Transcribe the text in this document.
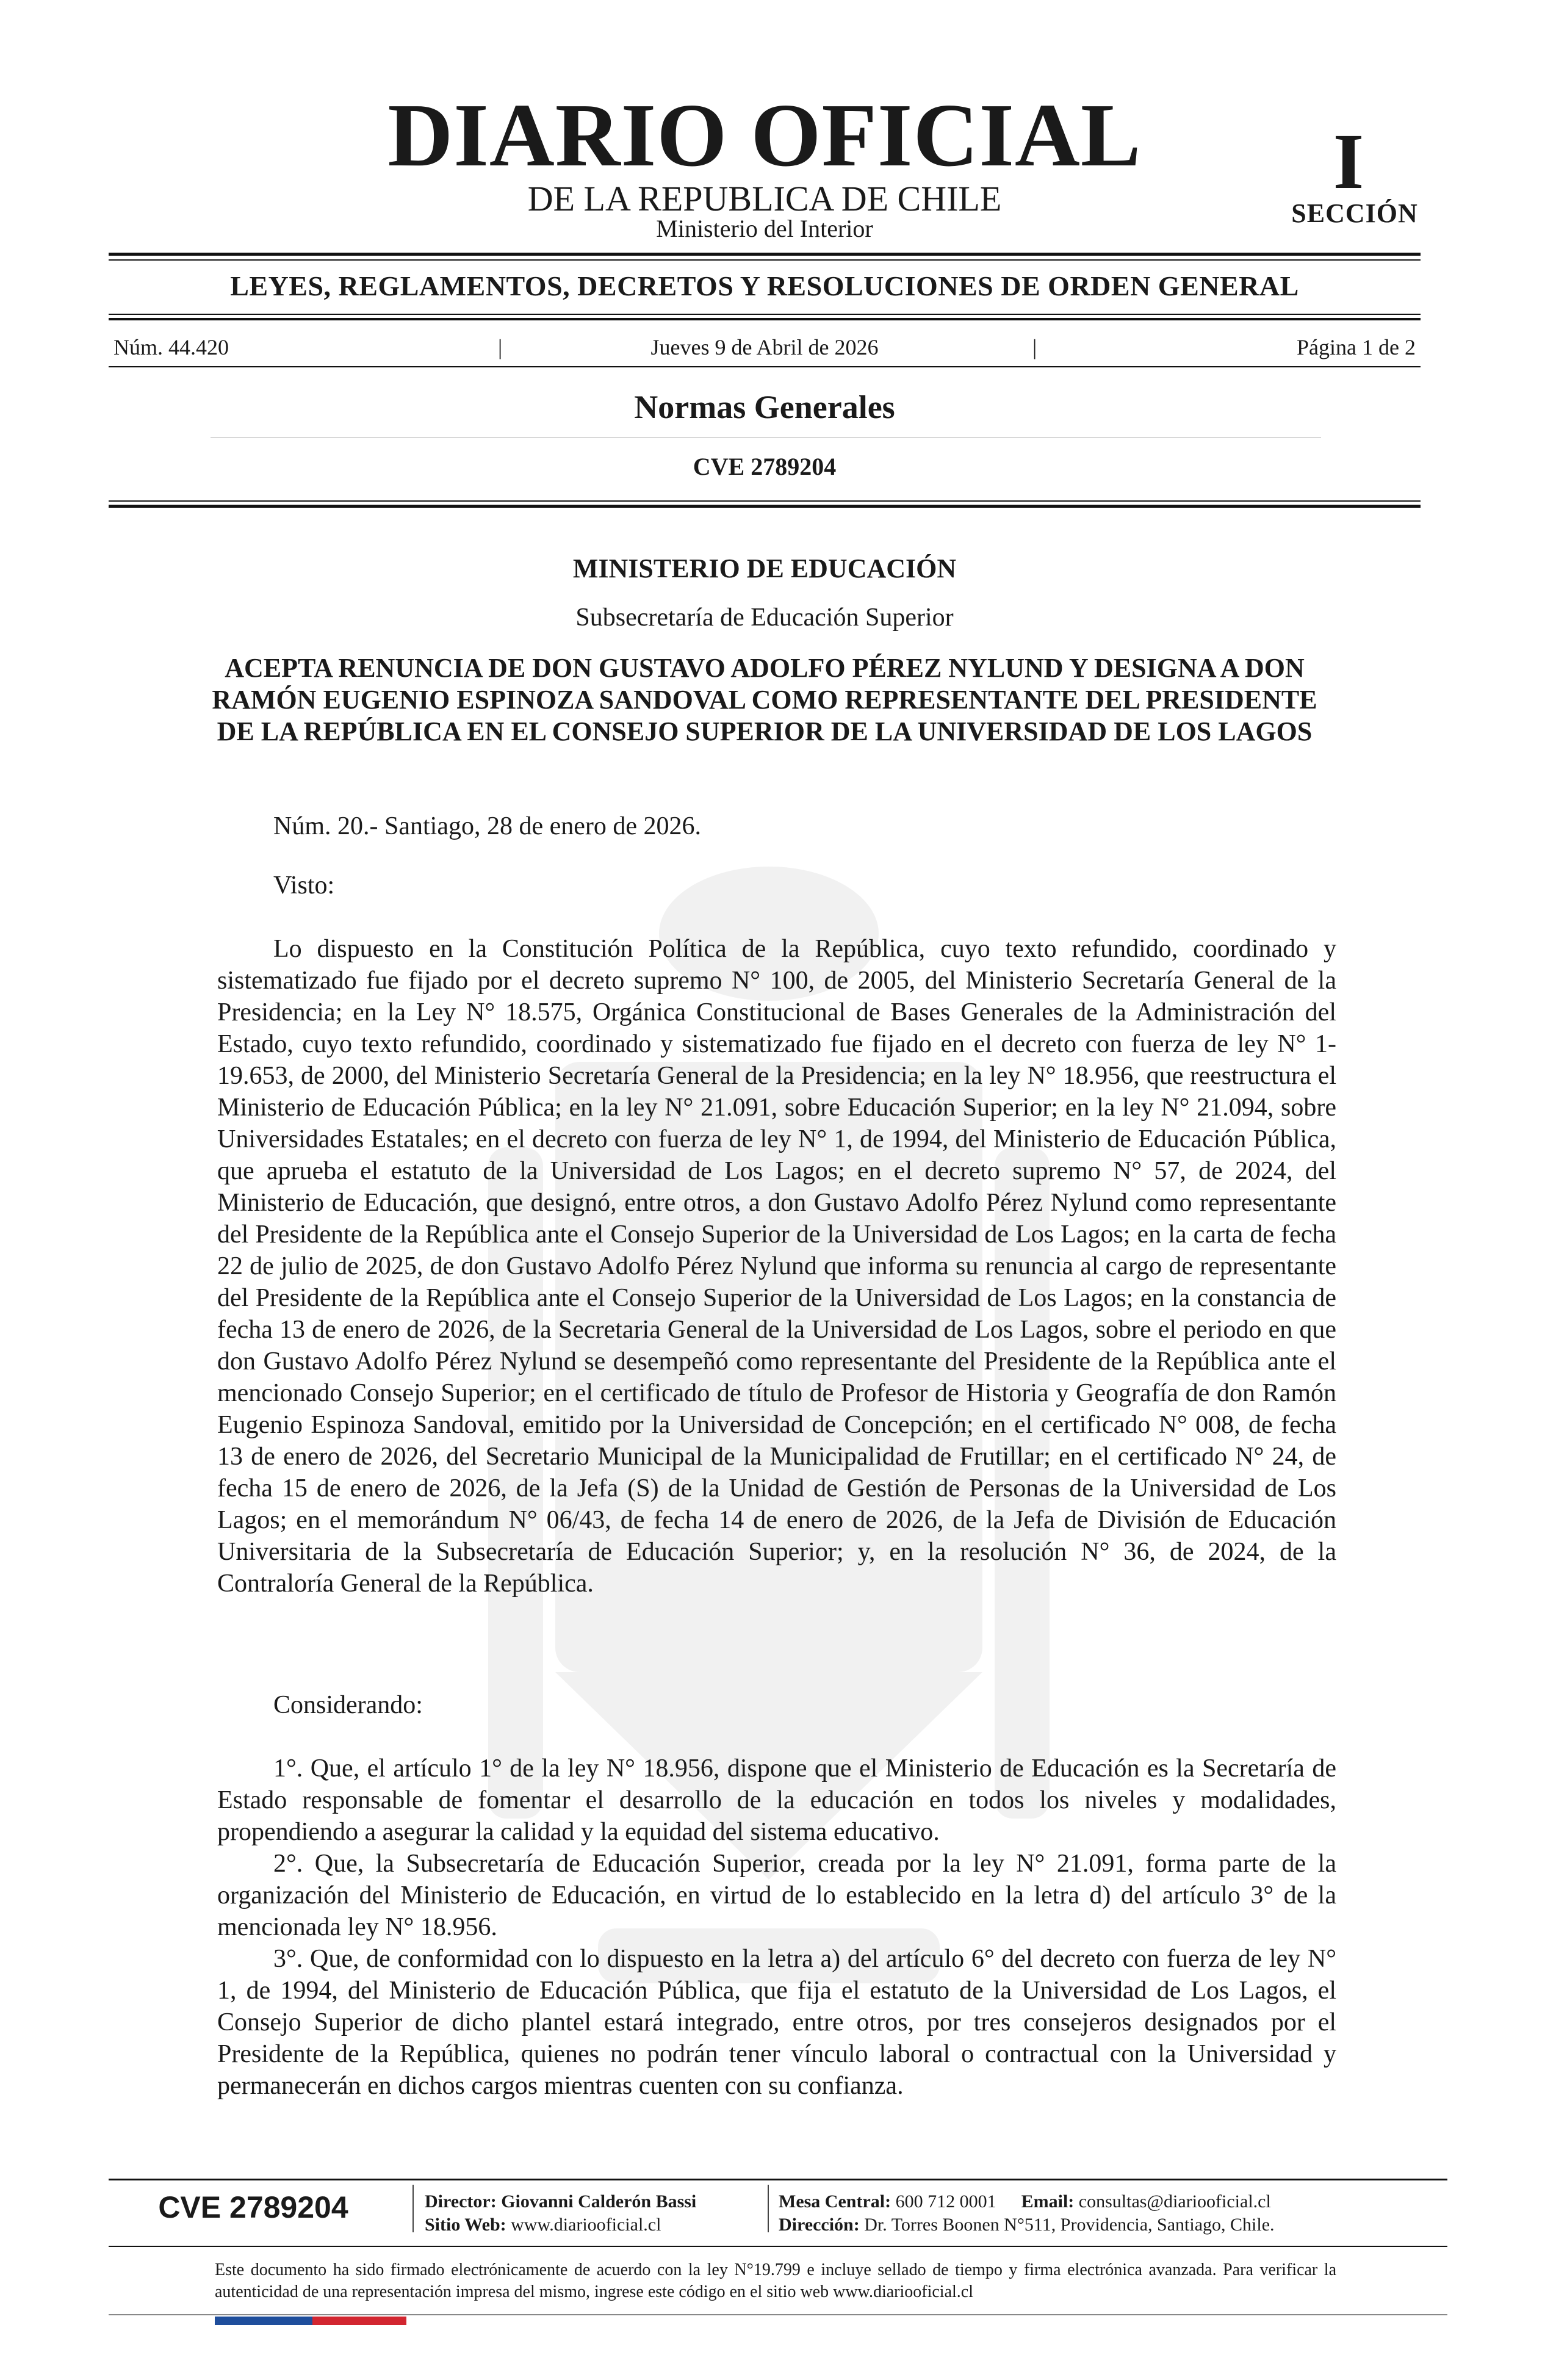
DIARIO OFICIAL
DE LA REPUBLICA DE CHILE
Ministerio del Interior
I
SECCIÓN
LEYES, REGLAMENTOS, DECRETOS Y RESOLUCIONES DE ORDEN GENERAL
Núm. 44.420	|	Jueves 9 de Abril de 2026	|	Página 1 de 2
Normas Generales
CVE 2789204
MINISTERIO DE EDUCACIÓN
Subsecretaría de Educación Superior

ACEPTA RENUNCIA DE DON GUSTAVO ADOLFO PÉREZ NYLUND Y DESIGNA A DON RAMÓN EUGENIO ESPINOZA SANDOVAL COMO REPRESENTANTE DEL PRESIDENTE DE LA REPÚBLICA EN EL CONSEJO SUPERIOR DE LA UNIVERSIDAD DE LOS LAGOS

Núm. 20.- Santiago, 28 de enero de 2026.

Visto:

Lo dispuesto en la Constitución Política de la República, cuyo texto refundido, coordinado y sistematizado fue fijado por el decreto supremo N° 100, de 2005, del Ministerio Secretaría General de la Presidencia; en la Ley N° 18.575, Orgánica Constitucional de Bases Generales de la Administración del Estado, cuyo texto refundido, coordinado y sistematizado fue fijado en el decreto con fuerza de ley N° 1-19.653, de 2000, del Ministerio Secretaría General de la Presidencia; en la ley N° 18.956, que reestructura el Ministerio de Educación Pública; en la ley N° 21.091, sobre Educación Superior; en la ley N° 21.094, sobre Universidades Estatales; en el decreto con fuerza de ley N° 1, de 1994, del Ministerio de Educación Pública, que aprueba el estatuto de la Universidad de Los Lagos; en el decreto supremo N° 57, de 2024, del Ministerio de Educación, que designó, entre otros, a don Gustavo Adolfo Pérez Nylund como representante del Presidente de la República ante el Consejo Superior de la Universidad de Los Lagos; en la carta de fecha 22 de julio de 2025, de don Gustavo Adolfo Pérez Nylund que informa su renuncia al cargo de representante del Presidente de la República ante el Consejo Superior de la Universidad de Los Lagos; en la constancia de fecha 13 de enero de 2026, de la Secretaria General de la Universidad de Los Lagos, sobre el periodo en que don Gustavo Adolfo Pérez Nylund se desempeñó como representante del Presidente de la República ante el mencionado Consejo Superior; en el certificado de título de Profesor de Historia y Geografía de don Ramón Eugenio Espinoza Sandoval, emitido por la Universidad de Concepción; en el certificado N° 008, de fecha 13 de enero de 2026, del Secretario Municipal de la Municipalidad de Frutillar; en el certificado N° 24, de fecha 15 de enero de 2026, de la Jefa (S) de la Unidad de Gestión de Personas de la Universidad de Los Lagos; en el memorándum N° 06/43, de fecha 14 de enero de 2026, de la Jefa de División de Educación Universitaria de la Subsecretaría de Educación Superior; y, en la resolución N° 36, de 2024, de la Contraloría General de la República.

Considerando:

1°. Que, el artículo 1° de la ley N° 18.956, dispone que el Ministerio de Educación es la Secretaría de Estado responsable de fomentar el desarrollo de la educación en todos los niveles y modalidades, propendiendo a asegurar la calidad y la equidad del sistema educativo.

2°. Que, la Subsecretaría de Educación Superior, creada por la ley N° 21.091, forma parte de la organización del Ministerio de Educación, en virtud de lo establecido en la letra d) del artículo 3° de la mencionada ley N° 18.956.

3°. Que, de conformidad con lo dispuesto en la letra a) del artículo 6° del decreto con fuerza de ley N° 1, de 1994, del Ministerio de Educación Pública, que fija el estatuto de la Universidad de Los Lagos, el Consejo Superior de dicho plantel estará integrado, entre otros, por tres consejeros designados por el Presidente de la República, quienes no podrán tener vínculo laboral o contractual con la Universidad y permanecerán en dichos cargos mientras cuenten con su confianza.

CVE 2789204	Director: Giovanni Calderón Bassi
Sitio Web: www.diariooficial.cl
Mesa Central: 600 712 0001 Email: consultas@diariooficial.cl
Dirección: Dr. Torres Boonen N°511, Providencia, Santiago, Chile.
Este documento ha sido firmado electrónicamente de acuerdo con la ley N°19.799 e incluye sellado de tiempo y firma electrónica avanzada. Para verificar la autenticidad de una representación impresa del mismo, ingrese este código en el sitio web www.diariooficial.cl
